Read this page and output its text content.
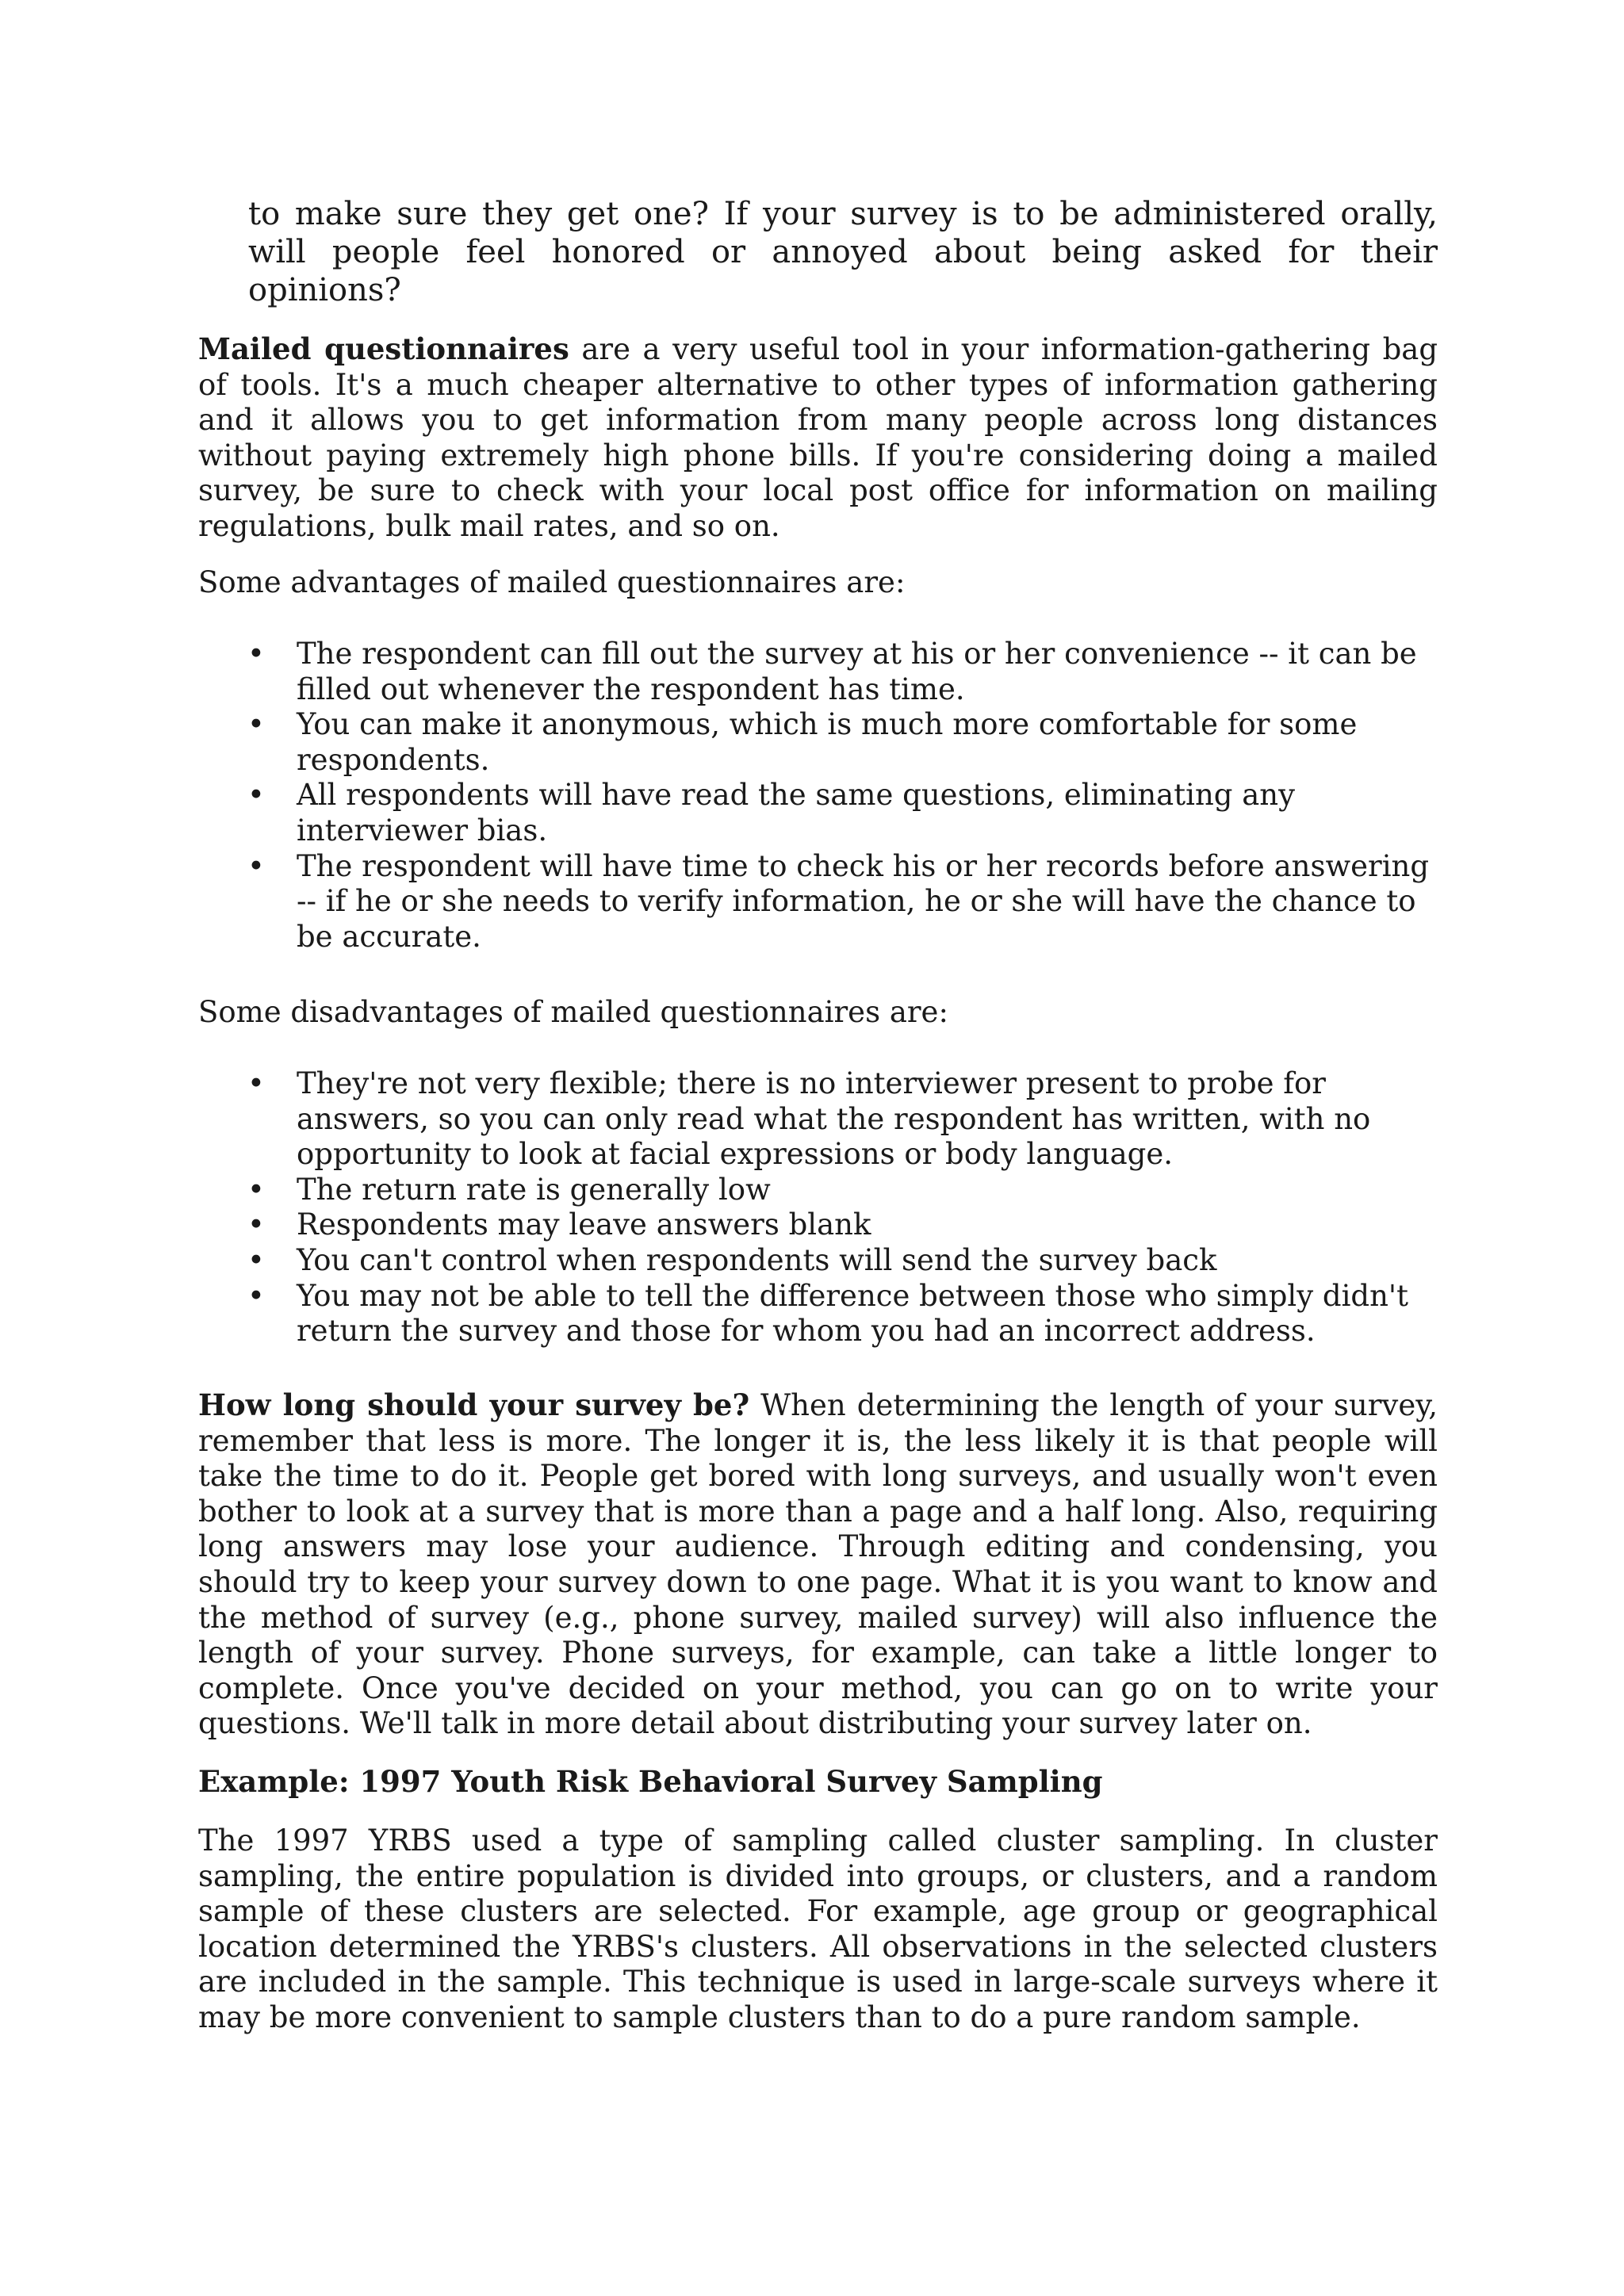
to make sure they get one? If your survey is to be administered orally, will people feel honored or annoyed about being asked for their opinions?
Mailed questionnaires are a very useful tool in your information-gathering bag of tools. It's a much cheaper alternative to other types of information gathering and it allows you to get information from many people across long distances without paying extremely high phone bills. If you're considering doing a mailed survey, be sure to check with your local post office for information on mailing regulations, bulk mail rates, and so on.
Some advantages of mailed questionnaires are:
• The respondent can fill out the survey at his or her convenience -- it can be filled out whenever the respondent has time.
• You can make it anonymous, which is much more comfortable for some respondents.
• All respondents will have read the same questions, eliminating any interviewer bias.
• The respondent will have time to check his or her records before answering -- if he or she needs to verify information, he or she will have the chance to be accurate.
Some disadvantages of mailed questionnaires are:
• They're not very flexible; there is no interviewer present to probe for answers, so you can only read what the respondent has written, with no opportunity to look at facial expressions or body language.
• The return rate is generally low
• Respondents may leave answers blank
• You can't control when respondents will send the survey back
• You may not be able to tell the difference between those who simply didn't return the survey and those for whom you had an incorrect address.
How long should your survey be? When determining the length of your survey, remember that less is more. The longer it is, the less likely it is that people will take the time to do it. People get bored with long surveys, and usually won't even bother to look at a survey that is more than a page and a half long. Also, requiring long answers may lose your audience. Through editing and condensing, you should try to keep your survey down to one page. What it is you want to know and the method of survey (e.g., phone survey, mailed survey) will also influence the length of your survey. Phone surveys, for example, can take a little longer to complete. Once you've decided on your method, you can go on to write your questions. We'll talk in more detail about distributing your survey later on.
Example: 1997 Youth Risk Behavioral Survey Sampling
The 1997 YRBS used a type of sampling called cluster sampling. In cluster sampling, the entire population is divided into groups, or clusters, and a random sample of these clusters are selected. For example, age group or geographical location determined the YRBS's clusters. All observations in the selected clusters are included in the sample. This technique is used in large-scale surveys where it may be more convenient to sample clusters than to do a pure random sample.
